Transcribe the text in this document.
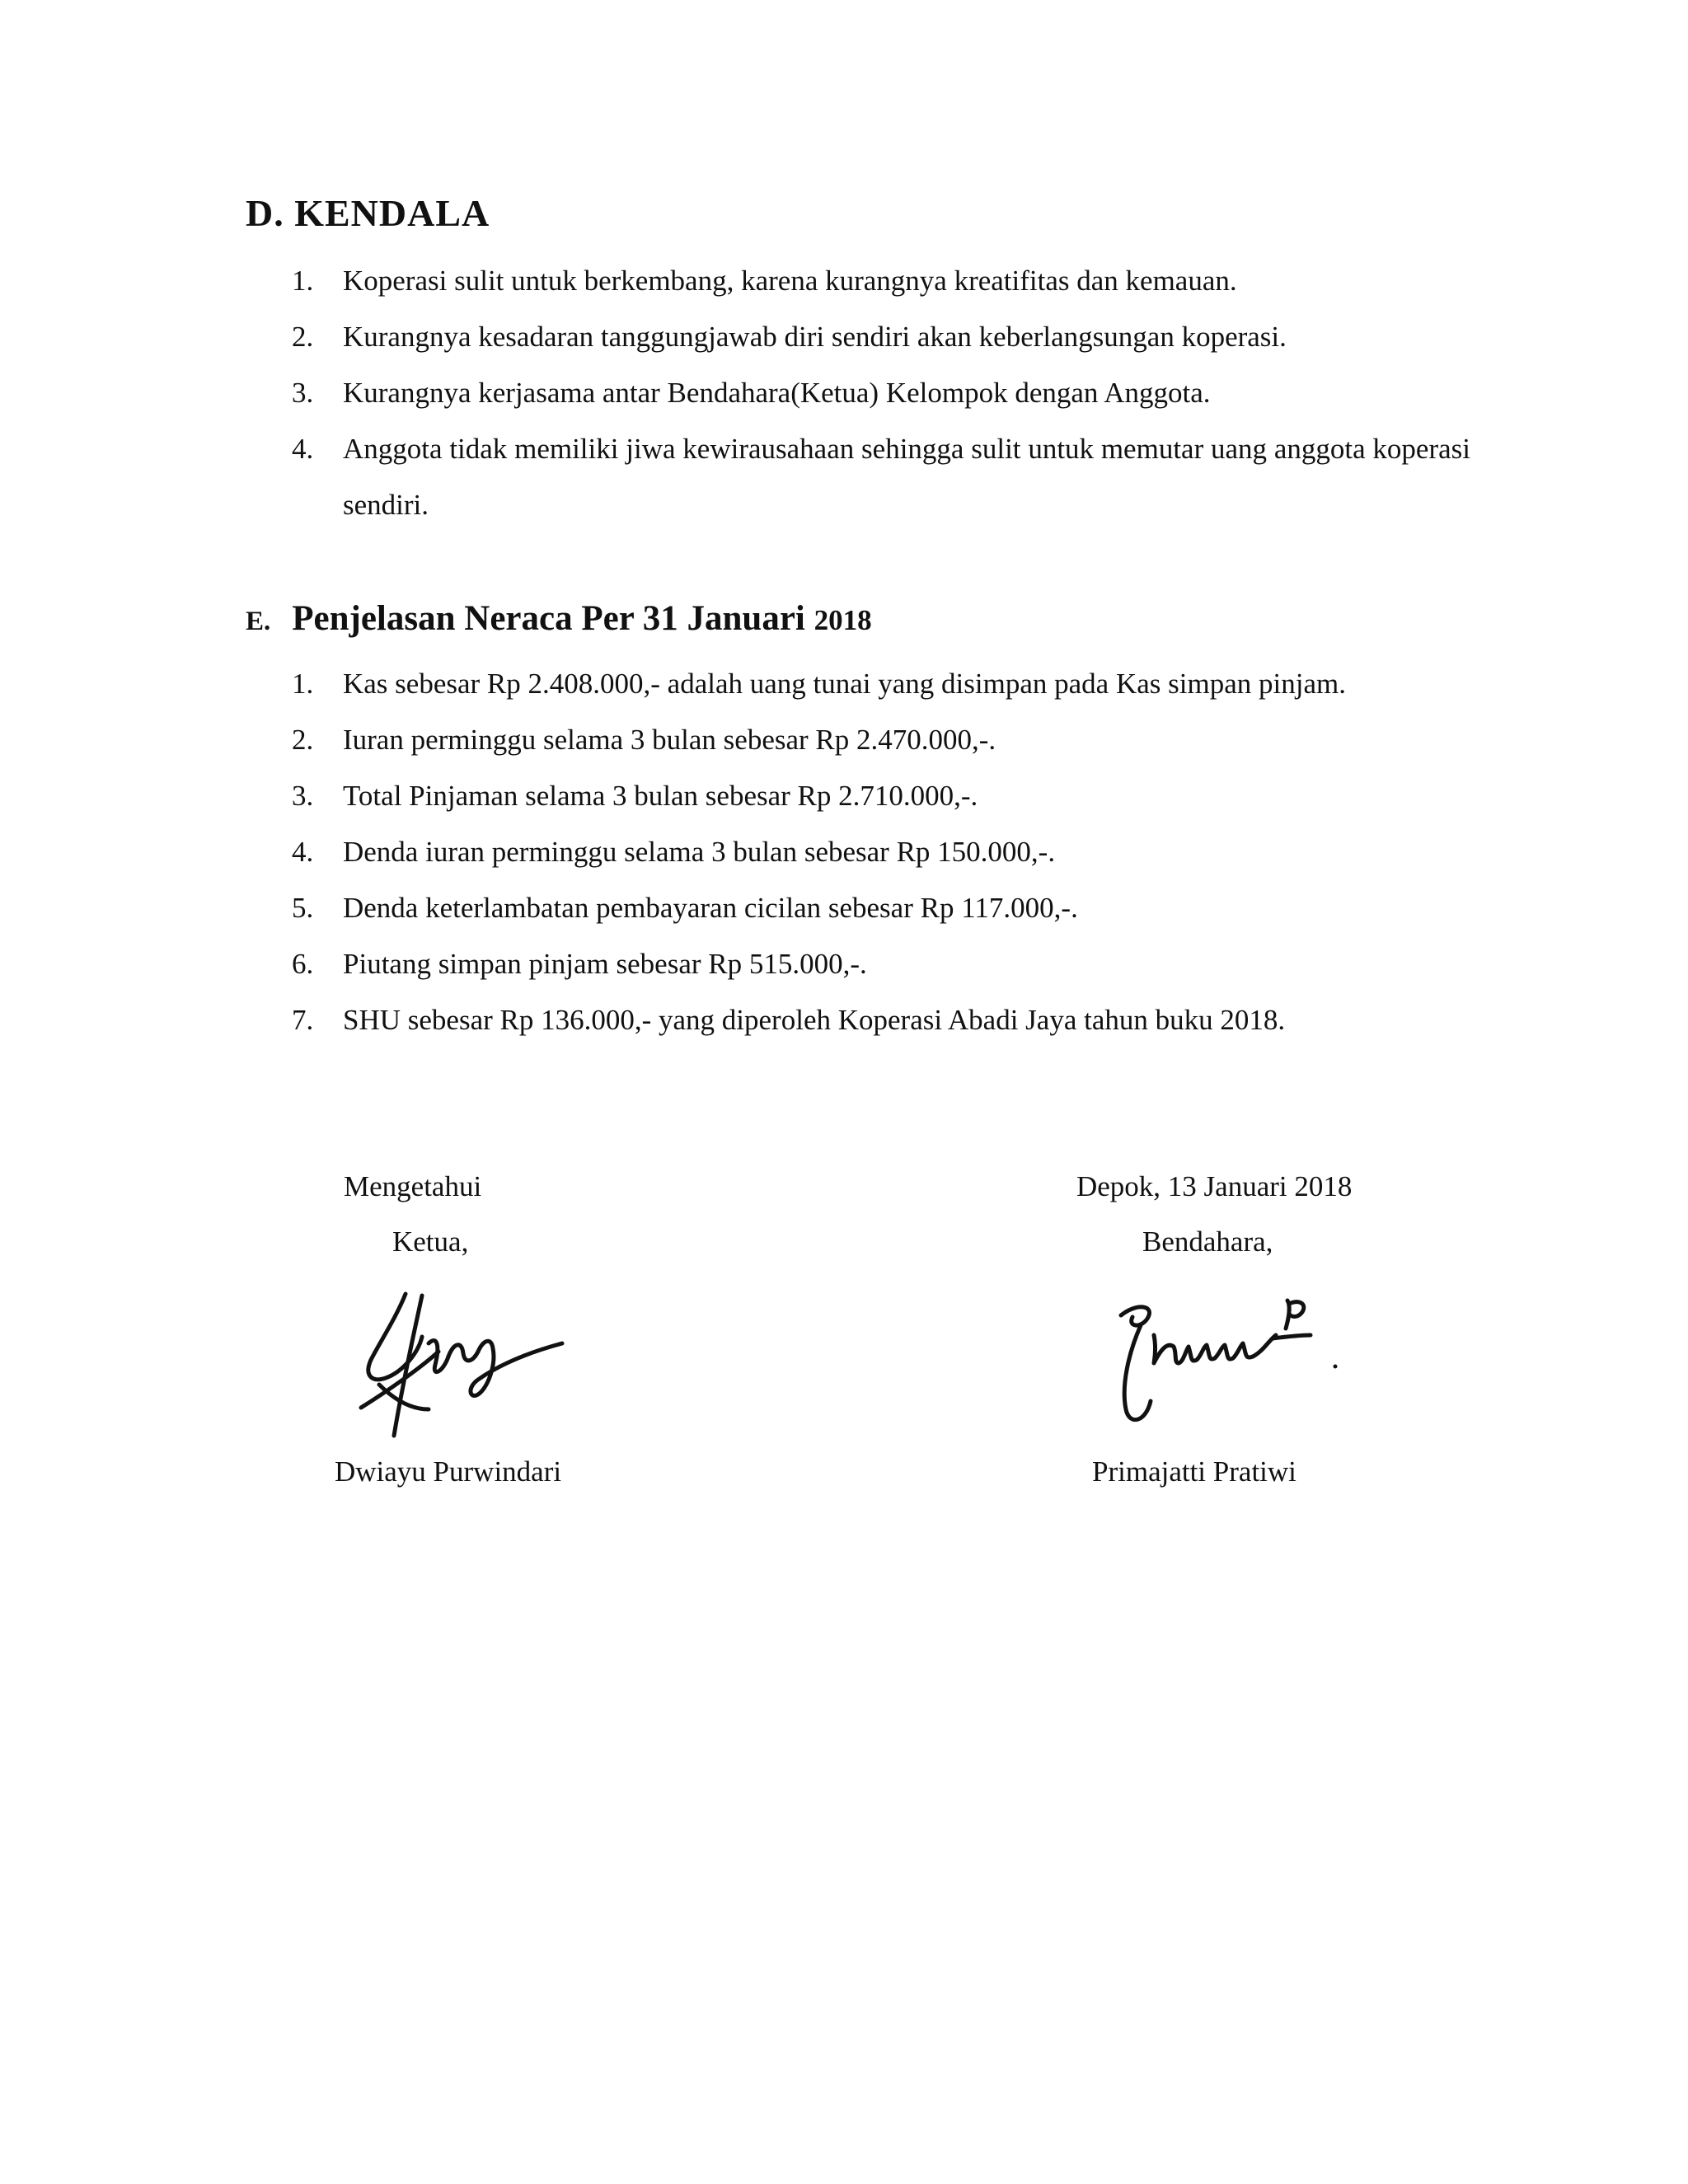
D. KENDALA
1. Koperasi sulit untuk berkembang, karena kurangnya kreatifitas dan kemauan.
2. Kurangnya kesadaran tanggungjawab diri sendiri akan keberlangsungan koperasi.
3. Kurangnya kerjasama antar Bendahara(Ketua) Kelompok dengan Anggota.
4. Anggota tidak memiliki jiwa kewirausahaan sehingga sulit untuk memutar uang anggota koperasi sendiri.
E. Penjelasan Neraca Per 31 Januari 2018
1. Kas sebesar Rp 2.408.000,- adalah uang tunai yang disimpan pada Kas simpan pinjam.
2. Iuran perminggu selama 3 bulan sebesar Rp 2.470.000,-.
3. Total Pinjaman selama 3 bulan sebesar Rp 2.710.000,-.
4. Denda iuran perminggu selama 3 bulan sebesar Rp 150.000,-.
5. Denda keterlambatan pembayaran cicilan sebesar Rp 117.000,-.
6. Piutang simpan pinjam sebesar Rp 515.000,-.
7. SHU sebesar Rp 136.000,- yang diperoleh Koperasi Abadi Jaya tahun buku 2018.
Mengetahui
Ketua,
Dwiayu Purwindari
Depok, 13 Januari 2018
Bendahara,
Primajatti Pratiwi
